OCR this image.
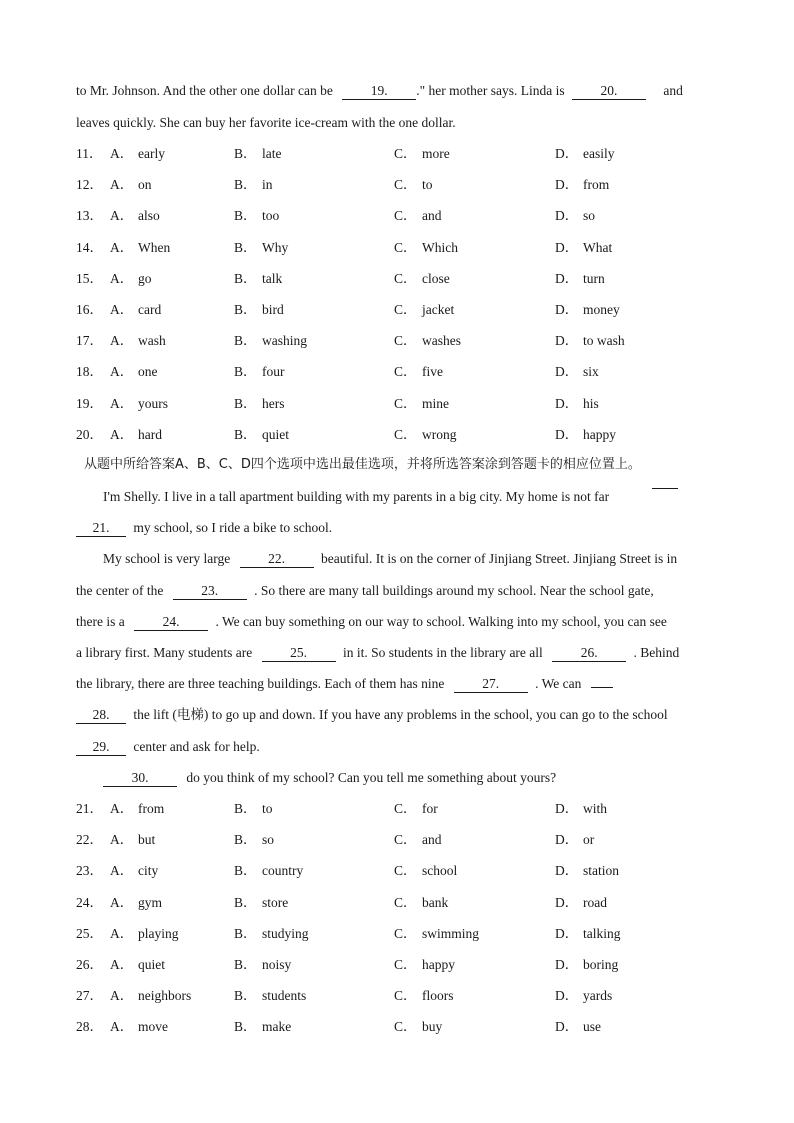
to Mr. Johnson. And the other one dollar can be	19. ." her mother says. Linda is	20.	and
leaves quickly. She can buy her favorite ice-cream with the one dollar.
11． A． early	B． late	C． more	D． easily
12． A． on	B． in	C． to	D． from
13． A． also	B． too	C． and	D． so
14． A． When	B． Why	C． Which	D． What
15． A． go	B． talk	C． close	D． turn
16． A． card	B． bird	C． jacket	D． money
17． A． wash	B． washing	C． washes	D． to wash
18． A． one	B． four	C． five	D． six
19． A． yours	B． hers	C． mine	D． his
20． A． hard	B． quiet	C． wrong	D． happy
从题中所给答案A、B、C、D四个选项中选出最佳选项，并将所选答案涂到答题卡的相应位置上。
I'm Shelly. I live in a tall apartment building with my parents in a big city. My home is not far
21. my school, so I ride a bike to school.
My school is very large	22.	beautiful. It is on the corner of Jinjiang Street. Jinjiang Street is in
the center of the	23.	. So there are many tall buildings around my school. Near the school gate,
there is a	24.	. We can buy something on our way to school. Walking into my school, you can see
a library first. Many students are	25.	in it. So students in the library are all	26.	. Behind
the library, there are three teaching buildings. Each of them has nine	27.	. We can
28. the lift (电梯) to go up and down. If you have any problems in the school, you can go to the school
29. center and ask for help.
30.	do you think of my school? Can you tell me something about yours?
21． A． from	B． to	C． for	D． with
22． A． but	B． so	C． and	D． or
23． A． city	B． country	C． school	D． station
24． A． gym	B． store	C． bank	D． road
25． A． playing	B． studying	C． swimming	D． talking
26． A． quiet	B． noisy	C． happy	D． boring
27． A． neighbors	B． students	C． floors	D． yards
28． A． move	B． make	C． buy	D． use
